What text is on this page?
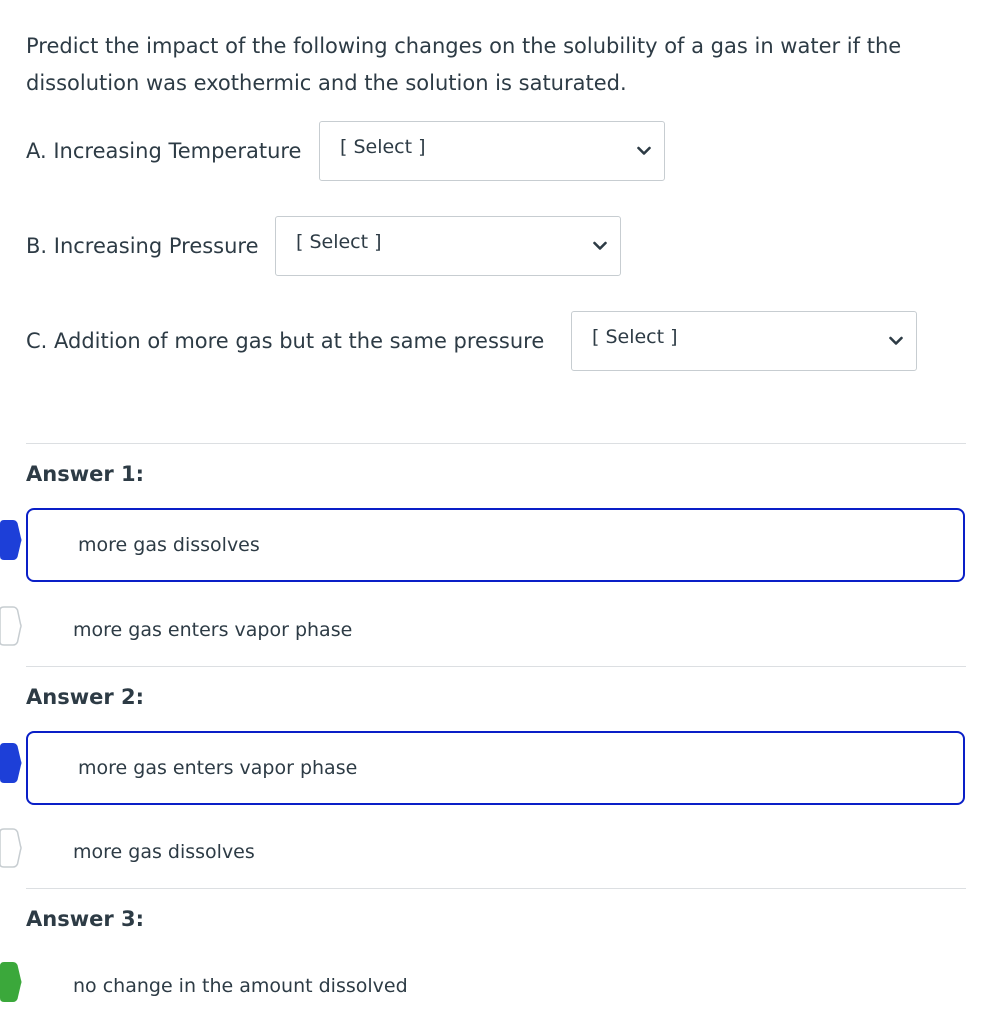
Predict the impact of the following changes on the solubility of a gas in water if the dissolution was exothermic and the solution is saturated.
A. Increasing Temperature [ Select ]
B. Increasing Pressure [ Select ]
C. Addition of more gas but at the same pressure	[ Select ]
Answer 1:
more gas dissolves
more gas enters vapor phase
Answer 2:
more gas enters vapor phase
more gas dissolves
Answer 3:
no change in the amount dissolved
